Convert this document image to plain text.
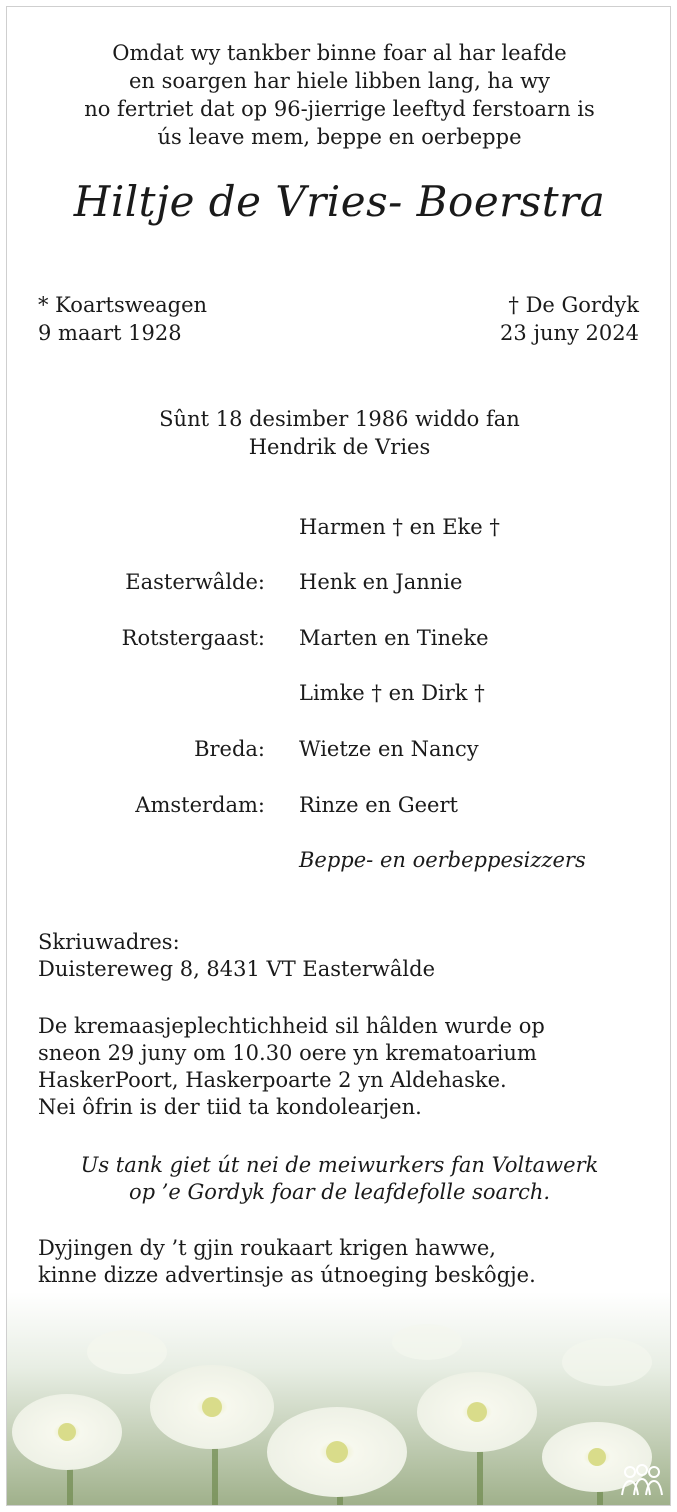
Omdat wy tankber binne foar al har leafde
en soargen har hiele libben lang, ha wy
no fertriet dat op 96-jierrige leeftyd ferstoarn is
ús leave mem, beppe en oerbeppe
Hiltje de Vries- Boerstra
* Koartsweagen
9 maart 1928
† De Gordyk
23 juny 2024
Sûnt 18 desimber 1986 widdo fan
Hendrik de Vries
Harmen † en Eke †
Easterwâlde: Henk en Jannie
Rotstergaast: Marten en Tineke
Limke † en Dirk †
Breda: Wietze en Nancy
Amsterdam: Rinze en Geert
Beppe- en oerbeppesizzers
Skriuwadres:
Duistereweg 8, 8431 VT Easterwâlde
De kremaasjeplechtichheid sil hâlden wurde op
sneon 29 juny om 10.30 oere yn krematoarium
HaskerPoort, Haskerpoarte 2 yn Aldehaske.
Nei ôfrin is der tiid ta kondolearjen.
Us tank giet út nei de meiwurkers fan Voltawerk
op ’e Gordyk foar de leafdefolle soarch.
Dyjingen dy ’t gjin roukaart krigen hawwe,
kinne dizze advertinsje as útnoeging beskôgje.
